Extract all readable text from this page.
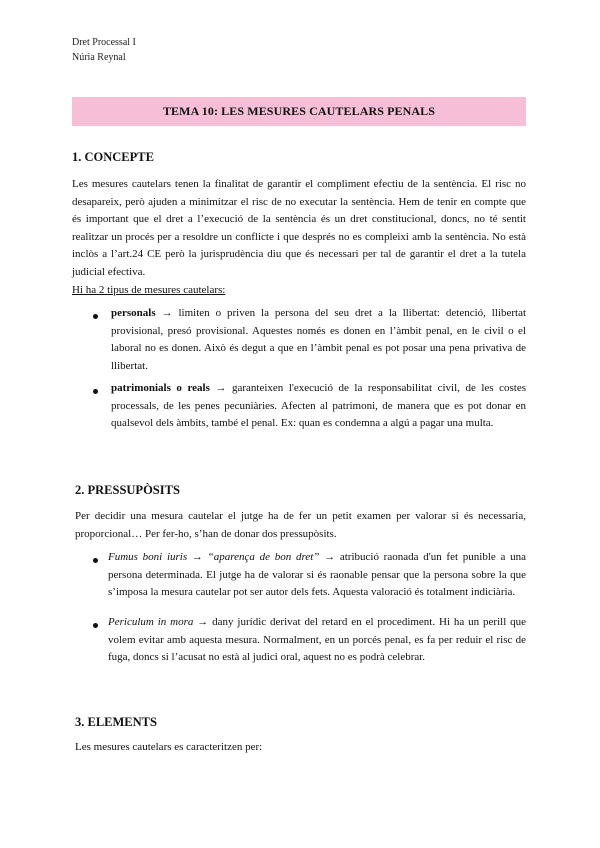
Dret Processal I
Núria Reynal
TEMA 10: LES MESURES CAUTELARS PENALS
1. CONCEPTE
Les mesures cautelars tenen la finalitat de garantir el compliment efectiu de la sentència. El risc no desapareix, però ajuden a minimitzar el risc de no executar la sentència. Hem de tenir en compte que és important que el dret a l’execució de la sentència és un dret constitucional, doncs, no té sentit realitzar un procés per a resoldre un conflicte i que després no es compleixi amb la sentència. No està inclòs a l’art.24 CE però la jurisprudència diu que és necessari per tal de garantir el dret a la tutela judicial efectiva.
Hi ha 2 tipus de mesures cautelars:
personals → limiten o priven la persona del seu dret a la llibertat: detenció, llibertat provisional, presó provisional. Aquestes només es donen en l’àmbit penal, en le civil o el laboral no es donen. Això és degut a que en l’àmbit penal es pot posar una pena privativa de llibertat.
patrimonials o reals → garanteixen l'execució de la responsabilitat civil, de les costes processals, de les penes pecuniàries. Afecten al patrimoni, de manera que es pot donar en qualsevol dels àmbits, també el penal. Ex: quan es condemna a algú a pagar una multa.
2. PRESSUPÒSITS
Per decidir una mesura cautelar el jutge ha de fer un petit examen per valorar si és necessaria, proporcional… Per fer-ho, s’han de donar dos pressupòsits.
Fumus boni iuris → “aparença de bon dret” → atribució raonada d'un fet punible a una persona determinada. El jutge ha de valorar si és raonable pensar que la persona sobre la que s’imposa la mesura cautelar pot ser autor dels fets. Aquesta valoració és totalment indiciària.
Periculum in mora → dany jurídic derivat del retard en el procediment. Hi ha un perill que volem evitar amb aquesta mesura. Normalment, en un porcés penal, es fa per reduir el risc de fuga, doncs si l’acusat no està al judici oral, aquest no es podrà celebrar.
3. ELEMENTS
Les mesures cautelars es caracteritzen per:
